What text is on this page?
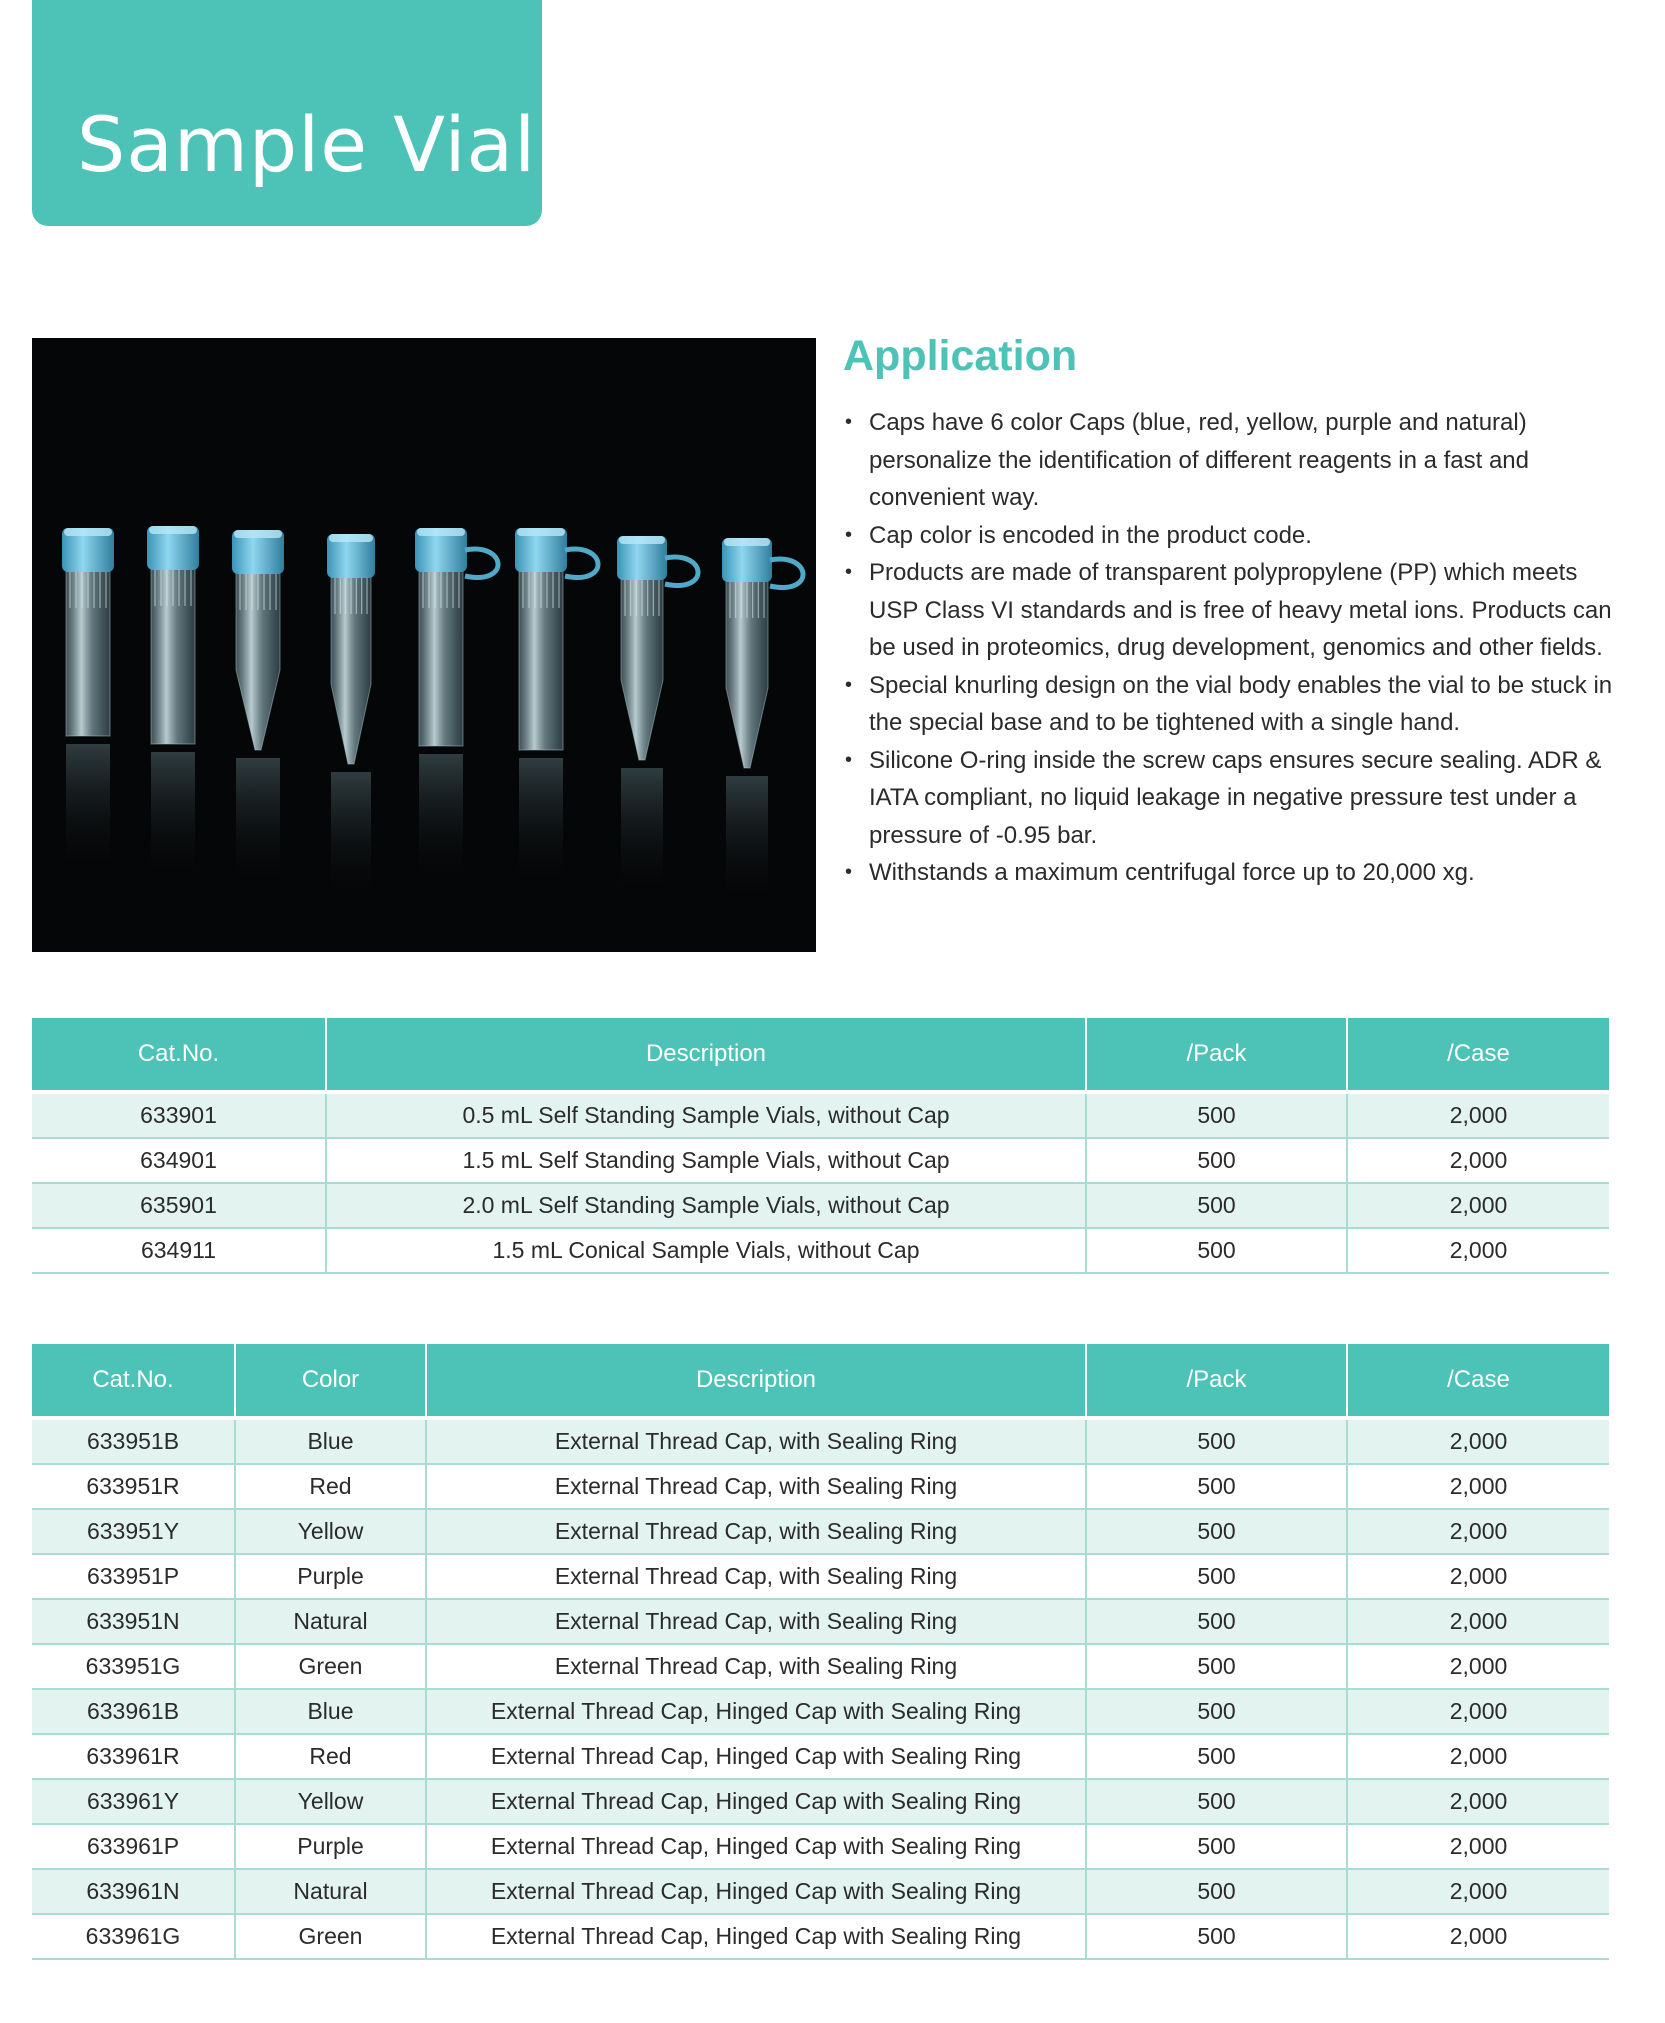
Sample Vial
Application
• Caps have 6 color Caps (blue, red, yellow, purple and natural) personalize the identification of different reagents in a fast and convenient way.
• Cap color is encoded in the product code.
• Products are made of transparent polypropylene (PP) which meets USP Class VI standards and is free of heavy metal ions. Products can be used in proteomics, drug development, genomics and other fields.
• Special knurling design on the vial body enables the vial to be stuck in the special base and to be tightened with a single hand.
• Silicone O-ring inside the screw caps ensures secure sealing. ADR & IATA compliant, no liquid leakage in negative pressure test under a pressure of -0.95 bar.
• Withstands a maximum centrifugal force up to 20,000 xg.
Cat.No.	Description	/Pack	/Case
633901	0.5 mL Self Standing Sample Vials, without Cap	500	2,000
634901	1.5 mL Self Standing Sample Vials, without Cap	500	2,000
635901	2.0 mL Self Standing Sample Vials, without Cap	500	2,000
634911	1.5 mL Conical Sample Vials, without Cap	500	2,000
Cat.No.	Color	Description	/Pack	/Case
633951B	Blue	External Thread Cap, with Sealing Ring	500	2,000
633951R	Red	External Thread Cap, with Sealing Ring	500	2,000
633951Y	Yellow	External Thread Cap, with Sealing Ring	500	2,000
633951P	Purple	External Thread Cap, with Sealing Ring	500	2,000
633951N	Natural	External Thread Cap, with Sealing Ring	500	2,000
633951G	Green	External Thread Cap, with Sealing Ring	500	2,000
633961B	Blue	External Thread Cap, Hinged Cap with Sealing Ring	500	2,000
633961R	Red	External Thread Cap, Hinged Cap with Sealing Ring	500	2,000
633961Y	Yellow	External Thread Cap, Hinged Cap with Sealing Ring	500	2,000
633961P	Purple	External Thread Cap, Hinged Cap with Sealing Ring	500	2,000
633961N	Natural	External Thread Cap, Hinged Cap with Sealing Ring	500	2,000
633961G	Green	External Thread Cap, Hinged Cap with Sealing Ring	500	2,000
